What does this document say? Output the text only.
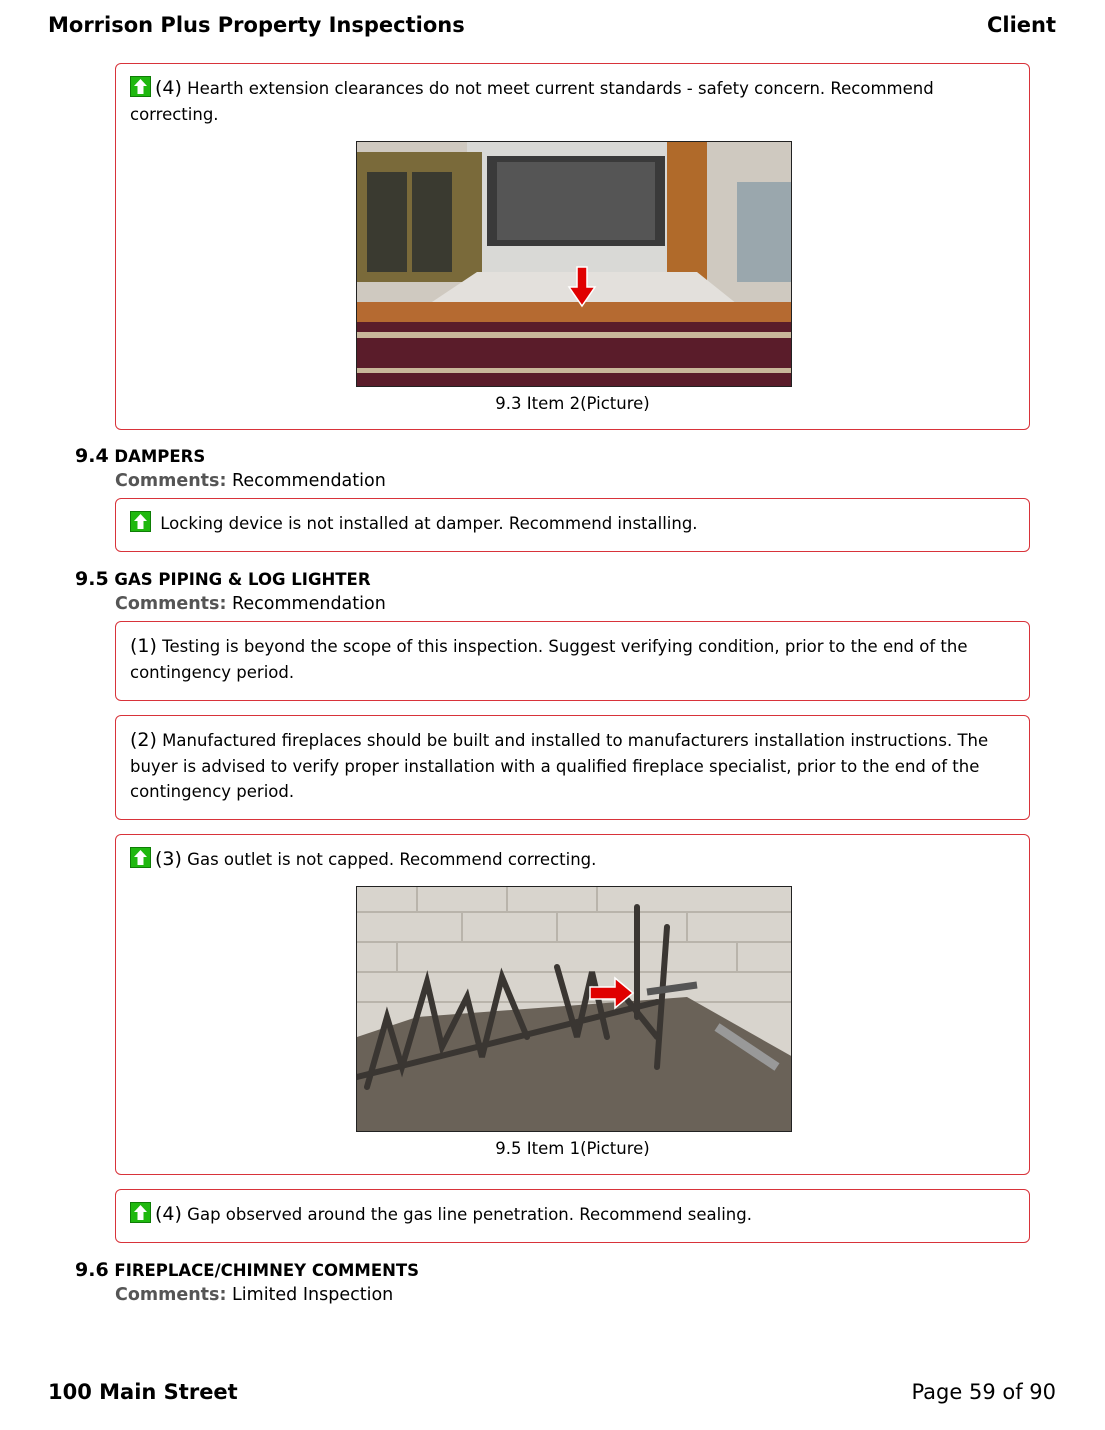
Morrison Plus Property Inspections	Client
(4) Hearth extension clearances do not meet current standards - safety concern. Recommend correcting.
9.3 Item 2(Picture)
9.4 DAMPERS
Comments: Recommendation
Locking device is not installed at damper. Recommend installing.
9.5 GAS PIPING & LOG LIGHTER
Comments: Recommendation
(1) Testing is beyond the scope of this inspection. Suggest verifying condition, prior to the end of the contingency period.
(2) Manufactured fireplaces should be built and installed to manufacturers installation instructions. The buyer is advised to verify proper installation with a qualified fireplace specialist, prior to the end of the contingency period.
(3) Gas outlet is not capped. Recommend correcting.
9.5 Item 1(Picture)
(4) Gap observed around the gas line penetration. Recommend sealing.
9.6 FIREPLACE/CHIMNEY COMMENTS
Comments: Limited Inspection
100 Main Street	Page 59 of 90
